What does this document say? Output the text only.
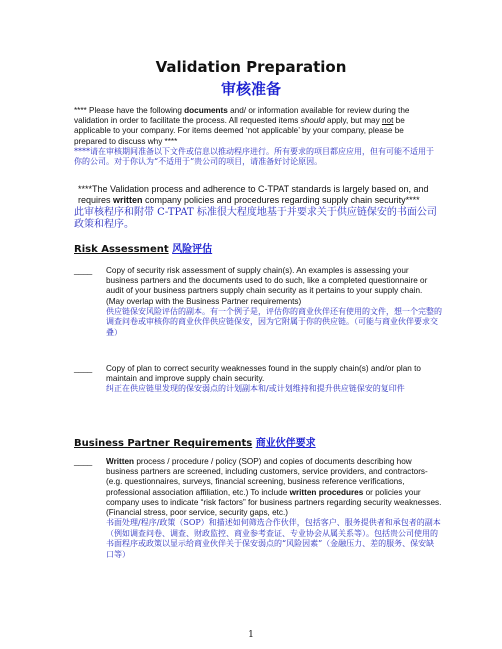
Validation Preparation
审核准备
**** Please have the following documents and/ or information available for review during the validation in order to facilitate the process. All requested items should apply, but may not be applicable to your company. For items deemed ‘not applicable’ by your company, please be prepared to discuss why ****
****请在审核期间准备以下文件或信息以推动程序进行。所有要求的项目都应应用，但有可能不适用于你的公司。对于你认为“不适用于”贵公司的项目，请准备好讨论原因。
****The Validation process and adherence to C-TPAT standards is largely based on, and requires written company policies and procedures regarding supply chain security****
此审核程序和附带 C-TPAT 标准很大程度地基于并要求关于供应链保安的书面公司政策和程序。
Risk Assessment 风险评估
____ Copy of security risk assessment of supply chain(s). An examples is assessing your business partners and the documents used to do such, like a completed questionnaire or audit of your business partners supply chain security as it pertains to your supply chain. (May overlap with the Business Partner requirements)
供应链保安风险评估的副本。有一个例子是，评估你的商业伙伴还有使用的文件，想一个完整的调查问卷或审核你的商业伙伴供应链保安，因为它附属于你的供应链。（可能与商业伙伴要求交叠）
____ Copy of plan to correct security weaknesses found in the supply chain(s) and/or plan to maintain and improve supply chain security.
纠正在供应链里发现的保安弱点的计划副本和/或计划维持和提升供应链保安的复印件
Business Partner Requirements 商业伙伴要求
____ Written process / procedure / policy (SOP) and copies of documents describing how business partners are screened, including customers, service providers, and contractors- (e.g. questionnaires, surveys, financial screening, business reference verifications, professional association affiliation, etc.) To include written procedures or policies your company uses to indicate “risk factors” for business partners regarding security weaknesses. (Financial stress, poor service, security gaps, etc.)
书面处理/程序/政策（SOP）和描述如何筛选合作伙伴，包括客户、服务提供者和承包者的副本（例如调查问卷、调查、财政监控、商业参考查证、专业协会从属关系等）。包括贵公司使用的书面程序或政策以显示给商业伙伴关于保安弱点的“风险因素”（金融压力、差的服务、保安缺口等）
1
